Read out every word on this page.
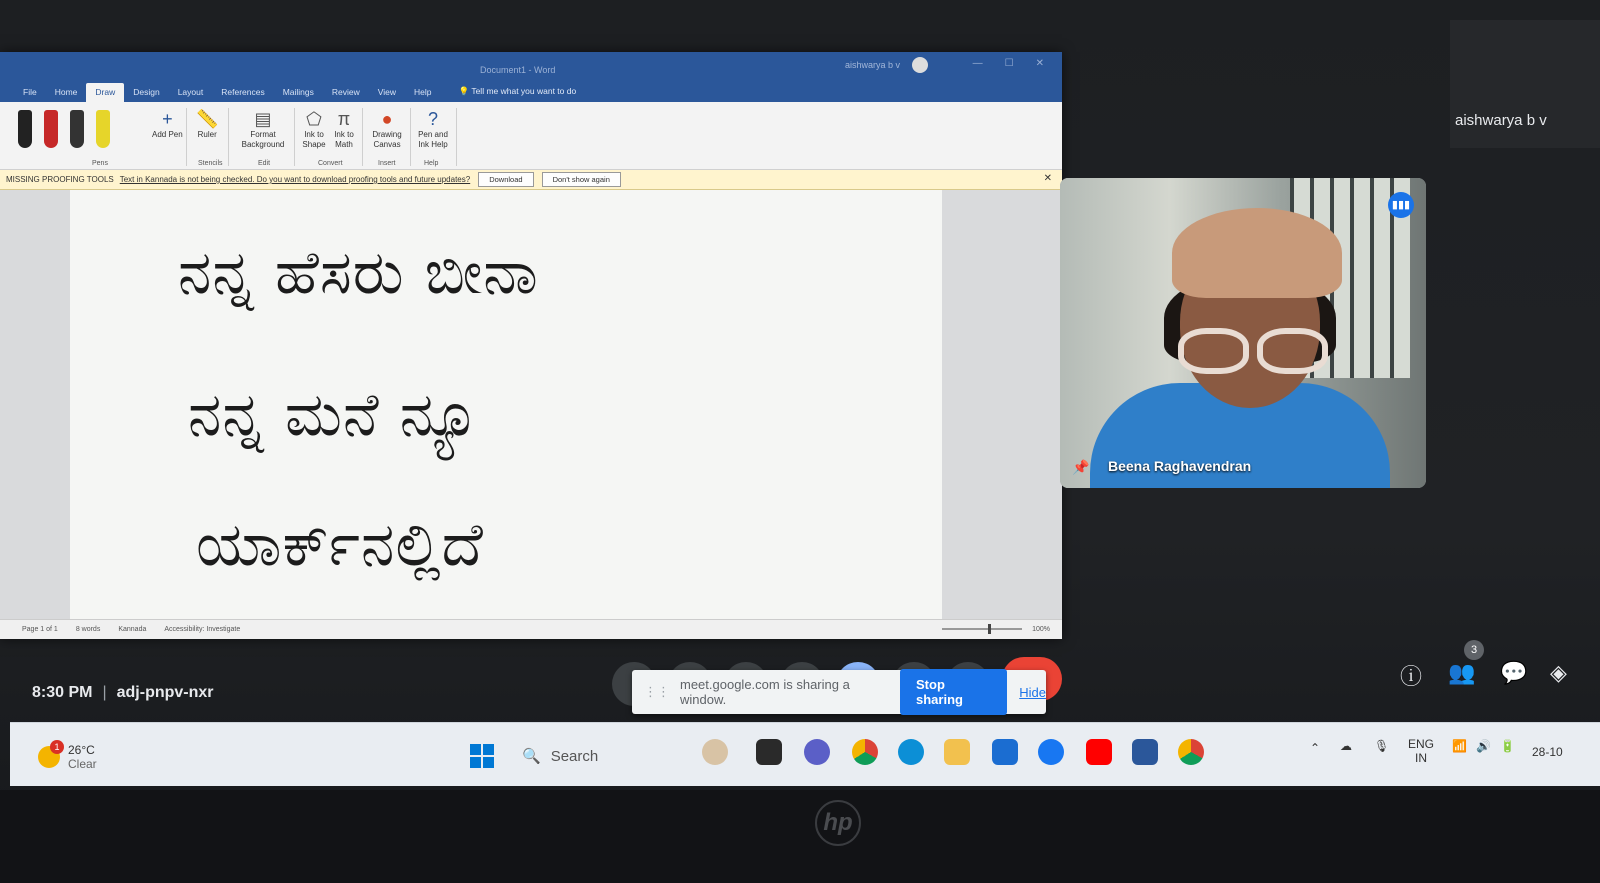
Document1 - Word	aishwarya b v	— ☐ ✕
File	Home	Draw	Design	Layout	References	Mailings	Review	View	Help	💡 Tell me what you want to do
+
Add Pen
Pens
📏
Ruler
Stencils
▤
Format Background
Edit
⬠
Ink to Shape
π
Ink to Math
Convert
●
Drawing Canvas
Insert
?
Pen and Ink Help
Help
MISSING PROOFING TOOLS Text in Kannada is not being checked. Do you want to download proofing tools and future updates?	Download	Don't show again	✕
ನನ್ನ ಹೆಸರು ಬೀನಾ
ನನ್ನ ಮನೆ ನ್ಯೂ
ಯಾರ್ಕ್‌ನಲ್ಲಿದೆ
Page 1 of 1	8 words	Kannada	Accessibility: Investigate	100%
aishwarya b v
📌 Beena Raghavendran
▮▮▮
8:30 PM | adj-pnpv-nxr	⋮⋮ meet.google.com is sharing a window.
Stop sharing	Hide
ⓘ
3
👥 💬 ◈
1 26°C
Clear	🔍 Search	⌃ ☁ 🎙 ENG
IN
📶 🔊 🔋 28-10
hp
